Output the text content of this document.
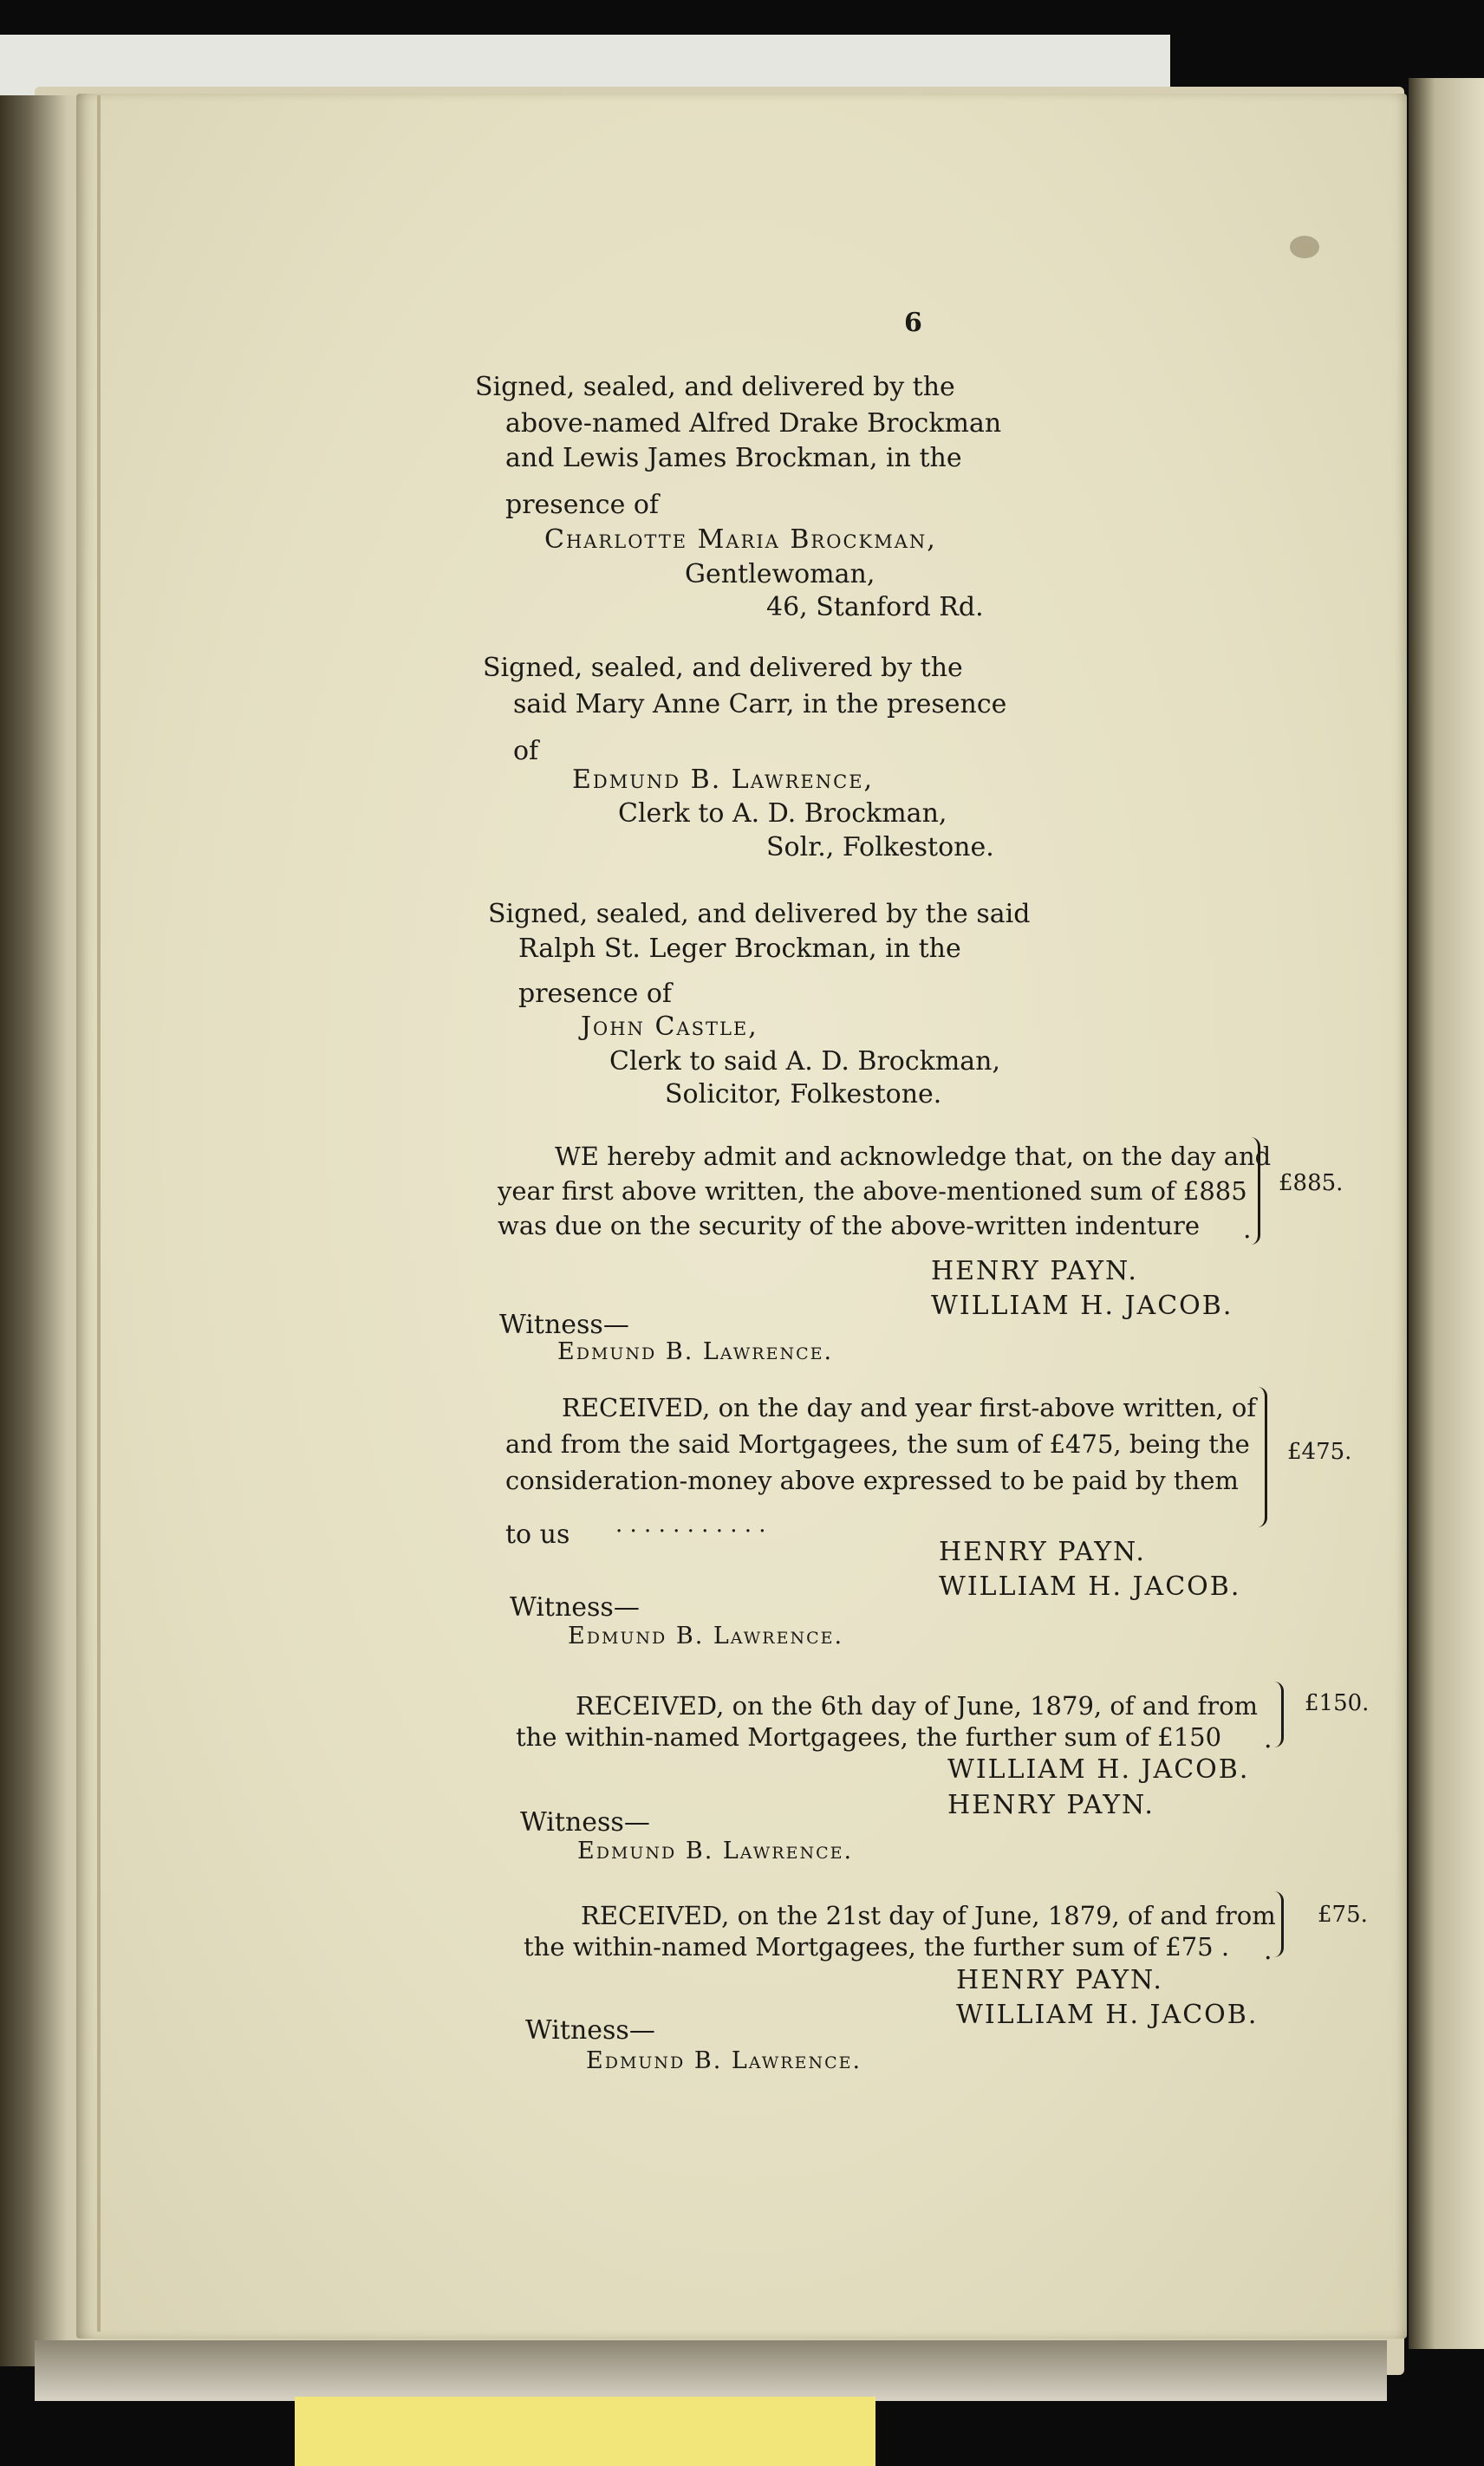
6
Signed, sealed, and delivered by the
above-named Alfred Drake Brockman
and Lewis James Brockman, in the
presence of
Charlotte Maria Brockman,
Gentlewoman,
46, Stanford Rd.
Signed, sealed, and delivered by the
said Mary Anne Carr, in the presence
of
Edmund B. Lawrence,
Clerk to A. D. Brockman,
Solr., Folkestone.
Signed, sealed, and delivered by the said
Ralph St. Leger Brockman, in the
presence of
John Castle,
Clerk to said A. D. Brockman,
Solicitor, Folkestone.
WE hereby admit and acknowledge that, on the day and
year first above written, the above-mentioned sum of £885
was due on the security of the above-written indenture .
£885.
HENRY PAYN.
WILLIAM H. JACOB.
Witness—
Edmund B. Lawrence.
RECEIVED, on the day and year first-above written, of
and from the said Mortgagees, the sum of £475, being the
consideration-money above expressed to be paid by them
to us . . . . . . . . . . .
£475.
HENRY PAYN.
WILLIAM H. JACOB.
Witness—
Edmund B. Lawrence.
RECEIVED, on the 6th day of June, 1879, of and from
the within-named Mortgagees, the further sum of £150 .
£150.
WILLIAM H. JACOB.
HENRY PAYN.
Witness—
Edmund B. Lawrence.
RECEIVED, on the 21st day of June, 1879, of and from
the within-named Mortgagees, the further sum of £75 . .
£75.
HENRY PAYN.
WILLIAM H. JACOB.
Witness—
Edmund B. Lawrence.
